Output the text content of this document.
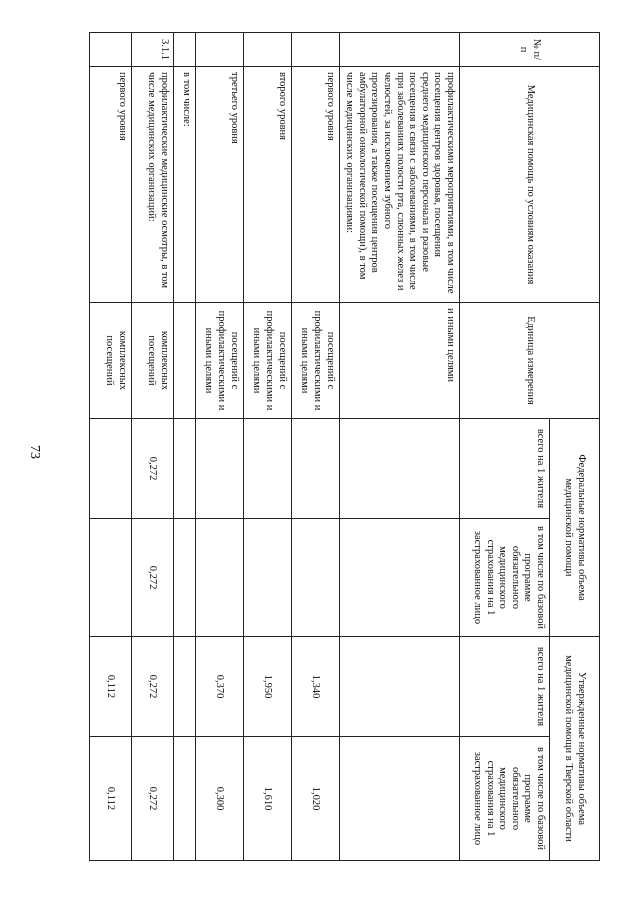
73
№ п/п	Медицинская помощь по условиям оказания	Единица измерения	Федеральные нормативы объема медицинской помощи		Утвержденные нормативы объема медицинской помощи в Тверской области	
			всего на 1 жителя	в том числе по базовой программе обязательного медицинского страхования на 1 застрахованное лицо	всего на 1 жителя	в том числе по базовой программе обязательного медицинского страхования на 1 застрахованное лицо
	профилактическими мероприятиями, в том числе посещения центров здоровья, посещения среднего медицинского персонала и разовые посещения в связи с заболеваниями, в том числе при заболеваниях полости рта, слюнных желез и челюстей, за исключением зубного протезирования, а также посещения центров амбулаторной онкологической помощи), в том числе медицинских организациями:	и иными целями				
	первого уровня	посещений с профилактическими и иными целями			1,340	1,020
	второго уровня	посещений с профилактическими и иными целями			1,950	1,610
	третьего уровня	посещений с профилактическими и иными целями			0,370	0,300
	в том числе:					
3.1.1	профилактические медицинские осмотры, в том числе медицинских организаций:	комплексных посещений	0,272	0,272	0,272	0,272
	первого уровня	комплексных посещений			0,112	0,112
